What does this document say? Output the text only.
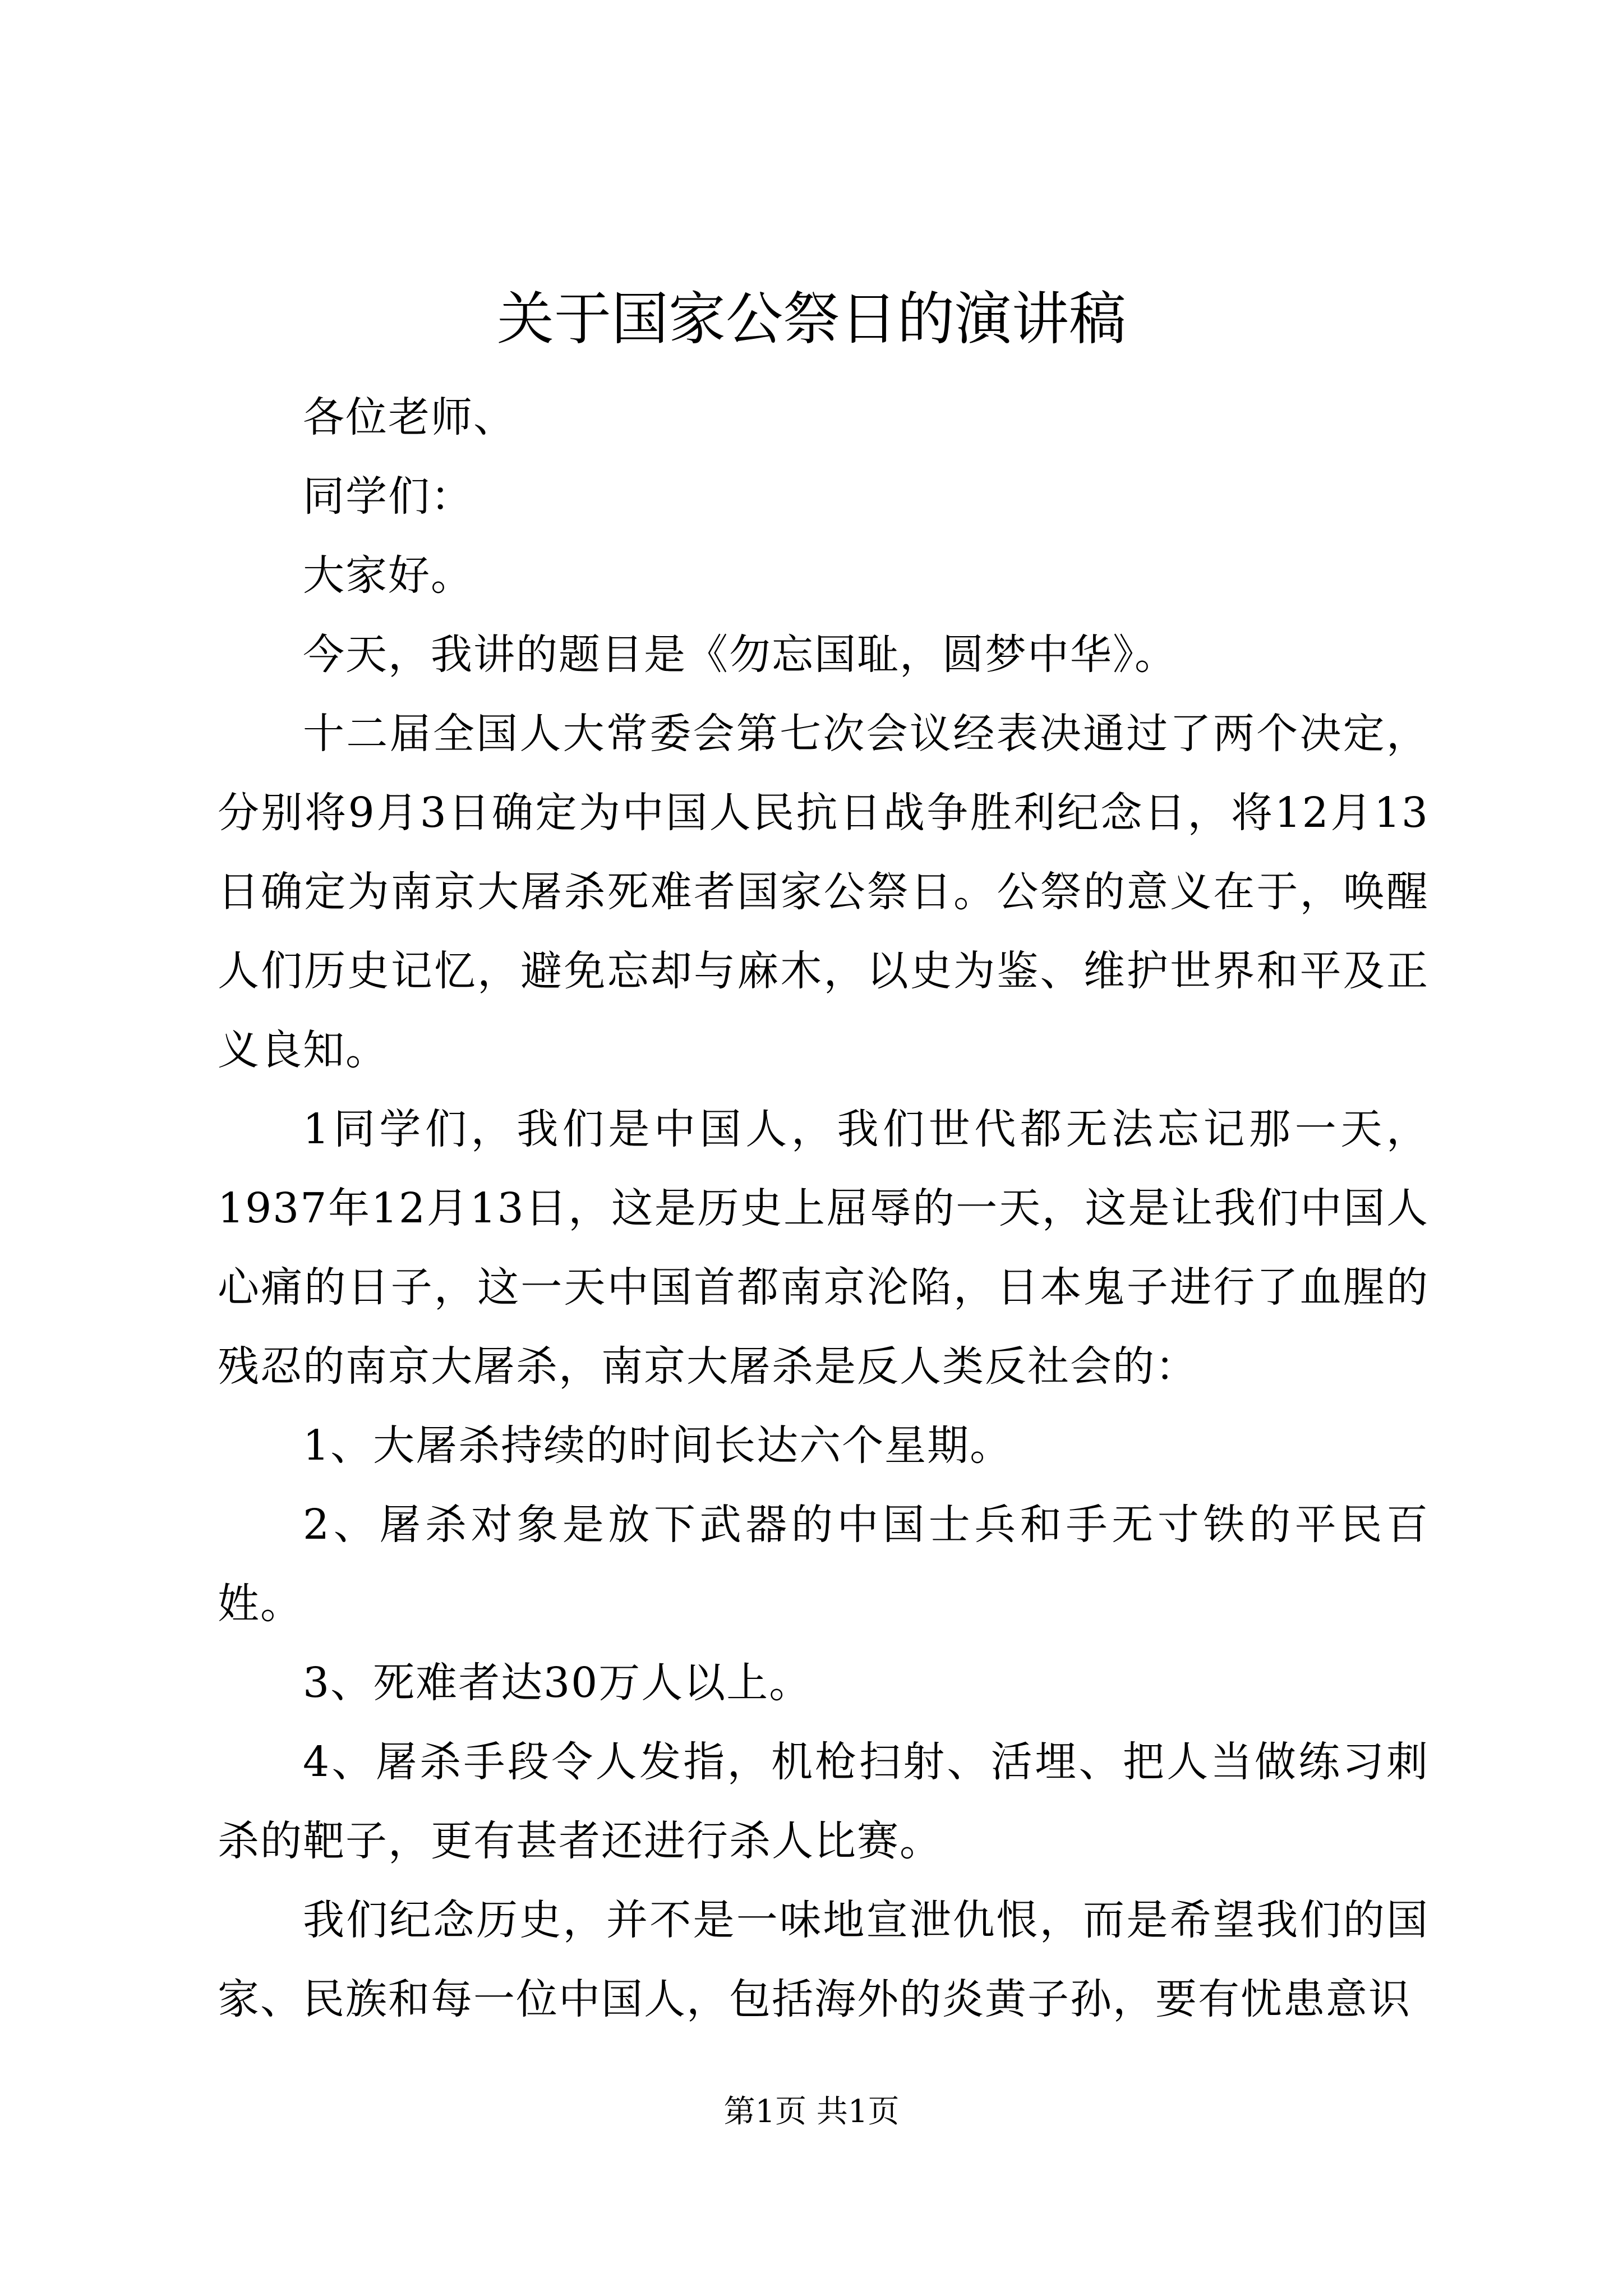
关于国家公祭日的演讲稿

各位老师、

同学们：

大家好。

今天，我讲的题目是《勿忘国耻，圆梦中华》。

十二届全国人大常委会第七次会议经表决通过了两个决定，分别将9月3日确定为中国人民抗日战争胜利纪念日，将12月13日确定为南京大屠杀死难者国家公祭日。公祭的意义在于，唤醒人们历史记忆，避免忘却与麻木，以史为鉴、维护世界和平及正义良知。

1同学们，我们是中国人，我们世代都无法忘记那一天，1937年12月13日，这是历史上屈辱的一天，这是让我们中国人心痛的日子，这一天中国首都南京沦陷，日本鬼子进行了血腥的残忍的南京大屠杀，南京大屠杀是反人类反社会的：

1、大屠杀持续的时间长达六个星期。

2、屠杀对象是放下武器的中国士兵和手无寸铁的平民百姓。

3、死难者达30万人以上。

4、屠杀手段令人发指，机枪扫射、活埋、把人当做练习刺杀的靶子，更有甚者还进行杀人比赛。

我们纪念历史，并不是一味地宣泄仇恨，而是希望我们的国家、民族和每一位中国人，包括海外的炎黄子孙，要有忧患意识

第1页 共1页
